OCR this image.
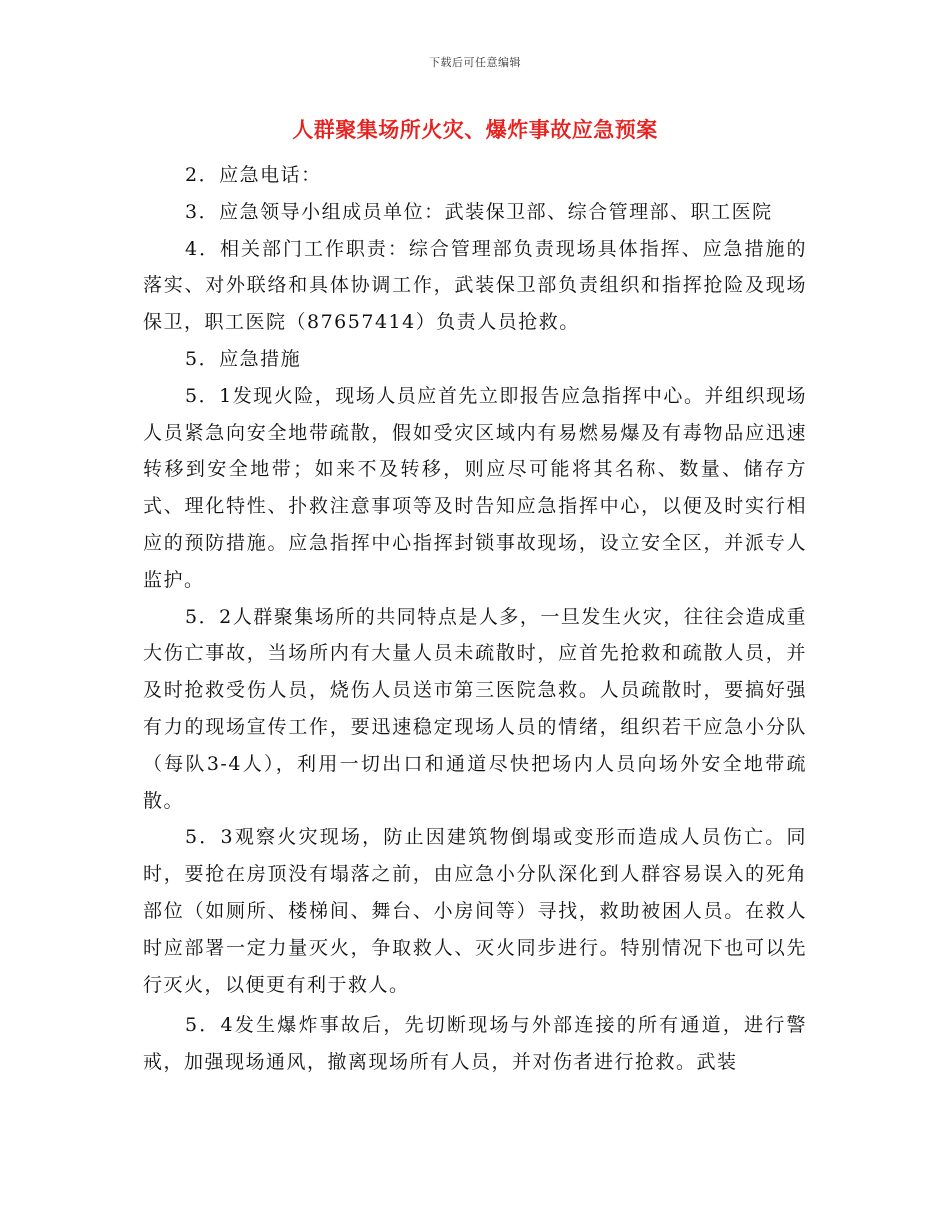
下载后可任意编辑
人群聚集场所火灾、爆炸事故应急预案

2．应急电话：

3．应急领导小组成员单位：武装保卫部、综合管理部、职工医院

4．相关部门工作职责：综合管理部负责现场具体指挥、应急措施的落实、对外联络和具体协调工作，武装保卫部负责组织和指挥抢险及现场保卫，职工医院（87657414）负责人员抢救。

5．应急措施

5．1发现火险，现场人员应首先立即报告应急指挥中心。并组织现场人员紧急向安全地带疏散，假如受灾区域内有易燃易爆及有毒物品应迅速转移到安全地带；如来不及转移，则应尽可能将其名称、数量、储存方式、理化特性、扑救注意事项等及时告知应急指挥中心，以便及时实行相应的预防措施。应急指挥中心指挥封锁事故现场，设立安全区，并派专人监护。

5．2人群聚集场所的共同特点是人多，一旦发生火灾，往往会造成重大伤亡事故，当场所内有大量人员未疏散时，应首先抢救和疏散人员，并及时抢救受伤人员，烧伤人员送市第三医院急救。人员疏散时，要搞好强有力的现场宣传工作，要迅速稳定现场人员的情绪，组织若干应急小分队（每队3-4人），利用一切出口和通道尽快把场内人员向场外安全地带疏散。

5．3观察火灾现场，防止因建筑物倒塌或变形而造成人员伤亡。同时，要抢在房顶没有塌落之前，由应急小分队深化到人群容易误入的死角部位（如厕所、楼梯间、舞台、小房间等）寻找，救助被困人员。在救人时应部署一定力量灭火，争取救人、灭火同步进行。特别情况下也可以先行灭火，以便更有利于救人。

5．4发生爆炸事故后，先切断现场与外部连接的所有通道，进行警戒，加强现场通风，撤离现场所有人员，并对伤者进行抢救。武装
